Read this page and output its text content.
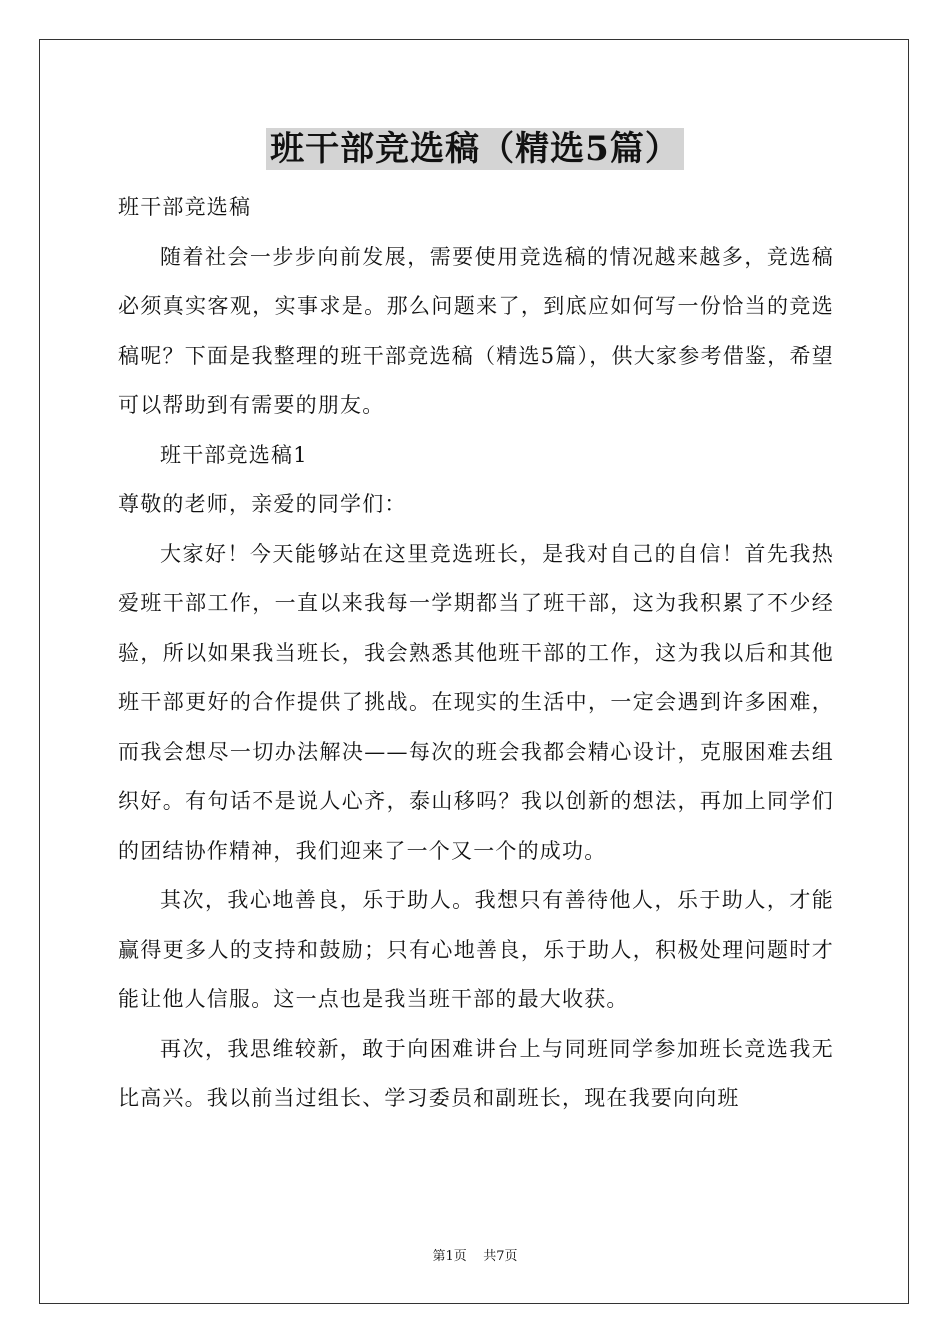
班干部竞选稿（精选5篇）

班干部竞选稿

随着社会一步步向前发展，需要使用竞选稿的情况越来越多，竞选稿必须真实客观，实事求是。那么问题来了，到底应如何写一份恰当的竞选稿呢？下面是我整理的班干部竞选稿（精选5篇），供大家参考借鉴，希望可以帮助到有需要的朋友。

班干部竞选稿1

尊敬的老师，亲爱的同学们：

大家好！今天能够站在这里竞选班长，是我对自己的自信！首先我热爱班干部工作，一直以来我每一学期都当了班干部，这为我积累了不少经验，所以如果我当班长，我会熟悉其他班干部的工作，这为我以后和其他班干部更好的合作提供了挑战。在现实的生活中，一定会遇到许多困难，而我会想尽一切办法解决——每次的班会我都会精心设计，克服困难去组织好。有句话不是说人心齐，泰山移吗？我以创新的想法，再加上同学们的团结协作精神，我们迎来了一个又一个的成功。

其次，我心地善良，乐于助人。我想只有善待他人，乐于助人，才能赢得更多人的支持和鼓励；只有心地善良，乐于助人，积极处理问题时才能让他人信服。这一点也是我当班干部的最大收获。

再次，我思维较新，敢于向困难讲台上与同班同学参加班长竞选我无比高兴。我以前当过组长、学习委员和副班长，现在我要向向班

第1页 共7页
